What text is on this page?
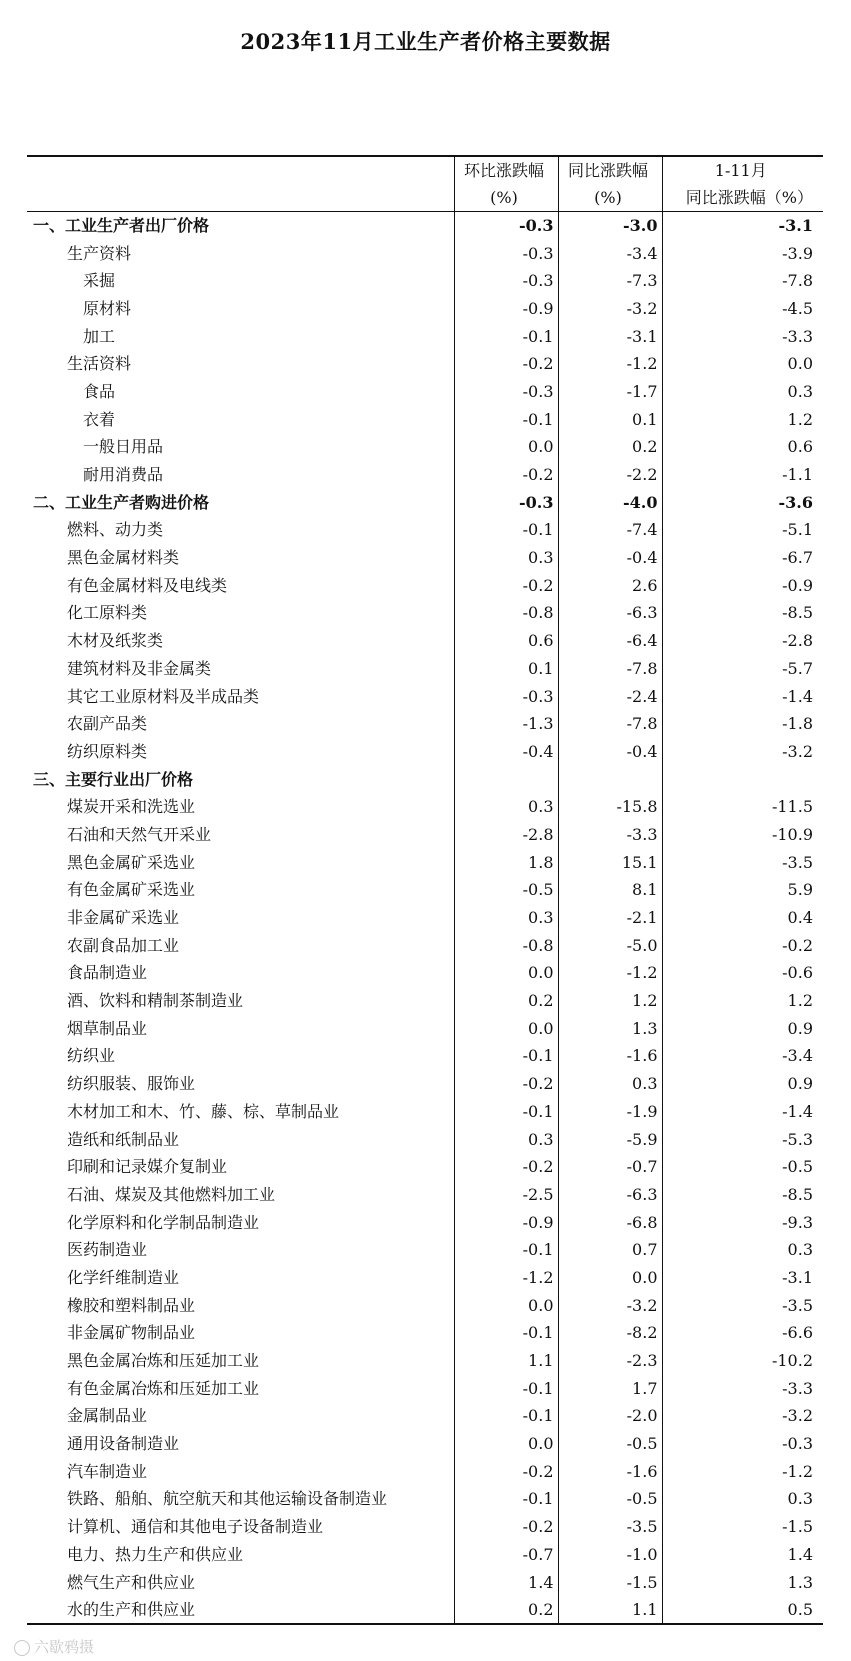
2023年11月工业生产者价格主要数据
	环比涨跌幅	同比涨跌幅	1-11月
	(%)	(%)	同比涨跌幅（%）
一、工业生产者出厂价格	-0.3	-3.0	-3.1
生产资料	-0.3	-3.4	-3.9
采掘	-0.3	-7.3	-7.8
原材料	-0.9	-3.2	-4.5
加工	-0.1	-3.1	-3.3
生活资料	-0.2	-1.2	0.0
食品	-0.3	-1.7	0.3
衣着	-0.1	0.1	1.2
一般日用品	0.0	0.2	0.6
耐用消费品	-0.2	-2.2	-1.1
二、工业生产者购进价格	-0.3	-4.0	-3.6
燃料、动力类	-0.1	-7.4	-5.1
黑色金属材料类	0.3	-0.4	-6.7
有色金属材料及电线类	-0.2	2.6	-0.9
化工原料类	-0.8	-6.3	-8.5
木材及纸浆类	0.6	-6.4	-2.8
建筑材料及非金属类	0.1	-7.8	-5.7
其它工业原材料及半成品类	-0.3	-2.4	-1.4
农副产品类	-1.3	-7.8	-1.8
纺织原料类	-0.4	-0.4	-3.2
三、主要行业出厂价格			
煤炭开采和洗选业	0.3	-15.8	-11.5
石油和天然气开采业	-2.8	-3.3	-10.9
黑色金属矿采选业	1.8	15.1	-3.5
有色金属矿采选业	-0.5	8.1	5.9
非金属矿采选业	0.3	-2.1	0.4
农副食品加工业	-0.8	-5.0	-0.2
食品制造业	0.0	-1.2	-0.6
酒、饮料和精制茶制造业	0.2	1.2	1.2
烟草制品业	0.0	1.3	0.9
纺织业	-0.1	-1.6	-3.4
纺织服装、服饰业	-0.2	0.3	0.9
木材加工和木、竹、藤、棕、草制品业	-0.1	-1.9	-1.4
造纸和纸制品业	0.3	-5.9	-5.3
印刷和记录媒介复制业	-0.2	-0.7	-0.5
石油、煤炭及其他燃料加工业	-2.5	-6.3	-8.5
化学原料和化学制品制造业	-0.9	-6.8	-9.3
医药制造业	-0.1	0.7	0.3
化学纤维制造业	-1.2	0.0	-3.1
橡胶和塑料制品业	0.0	-3.2	-3.5
非金属矿物制品业	-0.1	-8.2	-6.6
黑色金属冶炼和压延加工业	1.1	-2.3	-10.2
有色金属冶炼和压延加工业	-0.1	1.7	-3.3
金属制品业	-0.1	-2.0	-3.2
通用设备制造业	0.0	-0.5	-0.3
汽车制造业	-0.2	-1.6	-1.2
铁路、船舶、航空航天和其他运输设备制造业	-0.1	-0.5	0.3
计算机、通信和其他电子设备制造业	-0.2	-3.5	-1.5
电力、热力生产和供应业	-0.7	-1.0	1.4
燃气生产和供应业	1.4	-1.5	1.3
水的生产和供应业	0.2	1.1	0.5
六歇鸦摄
